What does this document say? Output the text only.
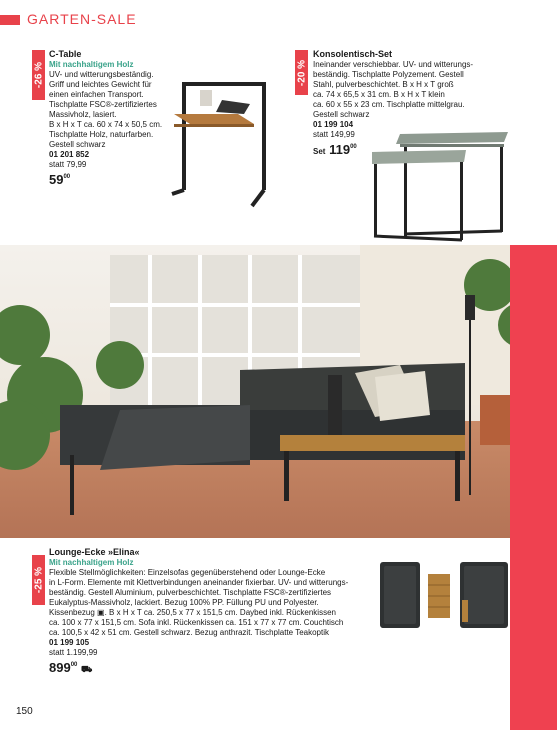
GARTEN-SALE
-26 %
C-Table
Mit nachhaltigem Holz
UV- und witterungsbeständig.
Griff und leichtes Gewicht für
einen einfachen Transport.
Tischplatte FSC®-zertifiziertes
Massivholz, lasiert.
B x H x T ca. 60 x 74 x 50,5 cm.
Tischplatte Holz, naturfarben.
Gestell schwarz
01 201 852
statt 79,99
$59^{00}$
-20 %
Konsolentisch-Set
Ineinander verschiebbar. UV- und witterungs-
beständig. Tischplatte Polyzement. Gestell
Stahl, pulverbeschichtet. B x H x T groß
ca. 74 x 65,5 x 31 cm. B x H x T klein
ca. 60 x 55 x 23 cm. Tischplatte mittelgrau.
Gestell schwarz
01 199 104
statt 149,99
Set $119^{00}$
-25 %
Lounge-Ecke »Elina«
Mit nachhaltigem Holz
Flexible Stellmöglichkeiten: Einzelsofas gegenüberstehend oder Lounge-Ecke
in L-Form. Elemente mit Klettverbindungen aneinander fixierbar. UV- und witterungs-
beständig. Gestell Aluminium, pulverbeschichtet. Tischplatte FSC®-zertifiziertes
Eukalyptus-Massivholz, lackiert. Bezug 100% PP. Füllung PU und Polyester.
Kissenbezug ▣. B x H x T ca. 250,5 x 77 x 151,5 cm. Daybed inkl. Rückenkissen
ca. 100 x 77 x 151,5 cm. Sofa inkl. Rückenkissen ca. 151 x 77 x 77 cm. Couchtisch
ca. 100,5 x 42 x 51 cm. Gestell schwarz. Bezug anthrazit. Tischplatte Teakoptik
01 199 105
statt 1.199,99
$899^{00}$ ⛟
150
